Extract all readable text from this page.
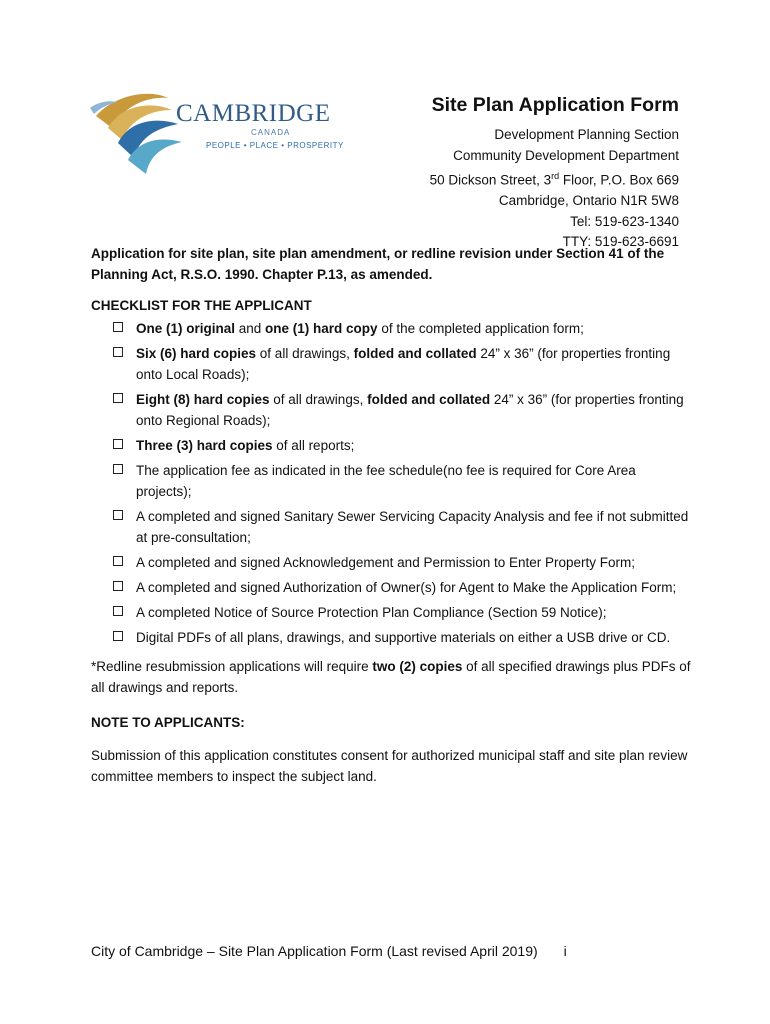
CAMBRIDGE
CANADA
PEOPLE • PLACE • PROSPERITY
Site Plan Application Form
Development Planning Section
Community Development Department
50 Dickson Street, 3rd Floor, P.O. Box 669
Cambridge, Ontario N1R 5W8
Tel: 519-623-1340
TTY: 519-623-6691

Application for site plan, site plan amendment, or redline revision under Section 41 of the Planning Act, R.S.O. 1990. Chapter P.13, as amended.

CHECKLIST FOR THE APPLICANT

One (1) original and one (1) hard copy of the completed application form;
Six (6) hard copies of all drawings, folded and collated 24” x 36” (for properties fronting onto Local Roads);
Eight (8) hard copies of all drawings, folded and collated 24” x 36” (for properties fronting onto Regional Roads);
Three (3) hard copies of all reports;
The application fee as indicated in the fee schedule(no fee is required for Core Area projects);
A completed and signed Sanitary Sewer Servicing Capacity Analysis and fee if not submitted at pre-consultation;
A completed and signed Acknowledgement and Permission to Enter Property Form;
A completed and signed Authorization of Owner(s) for Agent to Make the Application Form;
A completed Notice of Source Protection Plan Compliance (Section 59 Notice);
Digital PDFs of all plans, drawings, and supportive materials on either a USB drive or CD.

*Redline resubmission applications will require two (2) copies of all specified drawings plus PDFs of all drawings and reports.

NOTE TO APPLICANTS:

Submission of this application constitutes consent for authorized municipal staff and site plan review committee members to inspect the subject land.

City of Cambridge – Site Plan Application Form (Last revised April 2019) i
